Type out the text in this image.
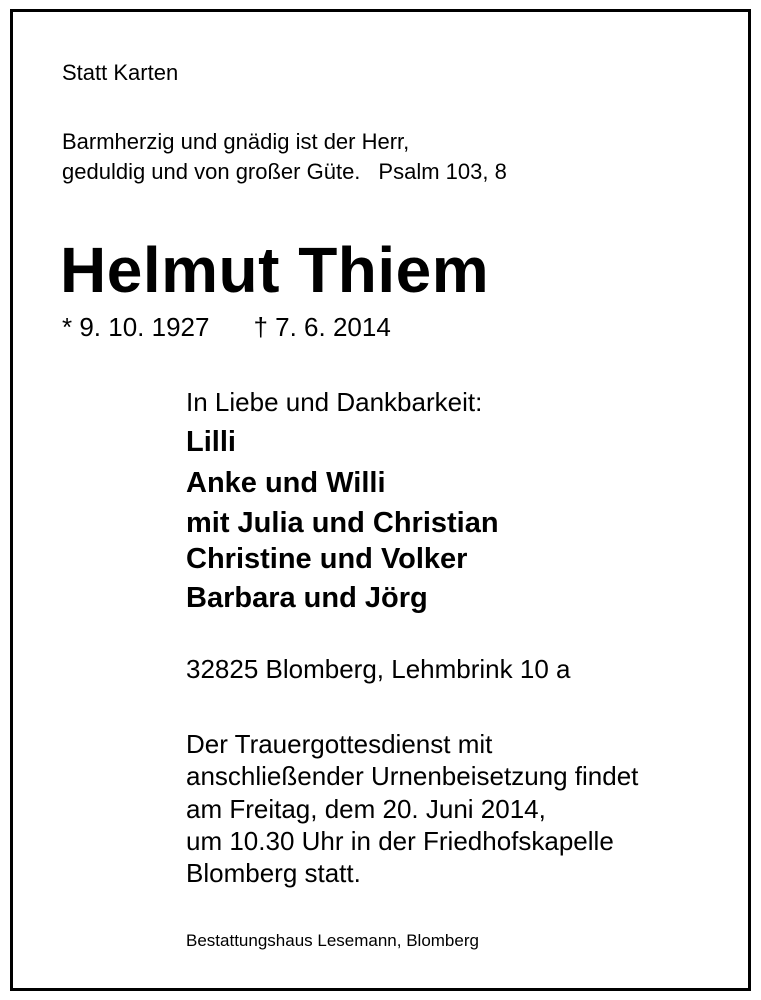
Statt Karten
Barmherzig und gnädig ist der Herr,
geduldig und von großer Güte. Psalm 103, 8
Helmut Thiem
* 9. 10. 1927 † 7. 6. 2014
In Liebe und Dankbarkeit:
Lilli
Anke und Willi
mit Julia und Christian
Christine und Volker
Barbara und Jörg
32825 Blomberg, Lehmbrink 10 a
Der Trauergottesdienst mit
anschließender Urnenbeisetzung findet
am Freitag, dem 20. Juni 2014,
um 10.30 Uhr in der Friedhofskapelle
Blomberg statt.
Bestattungshaus Lesemann, Blomberg
